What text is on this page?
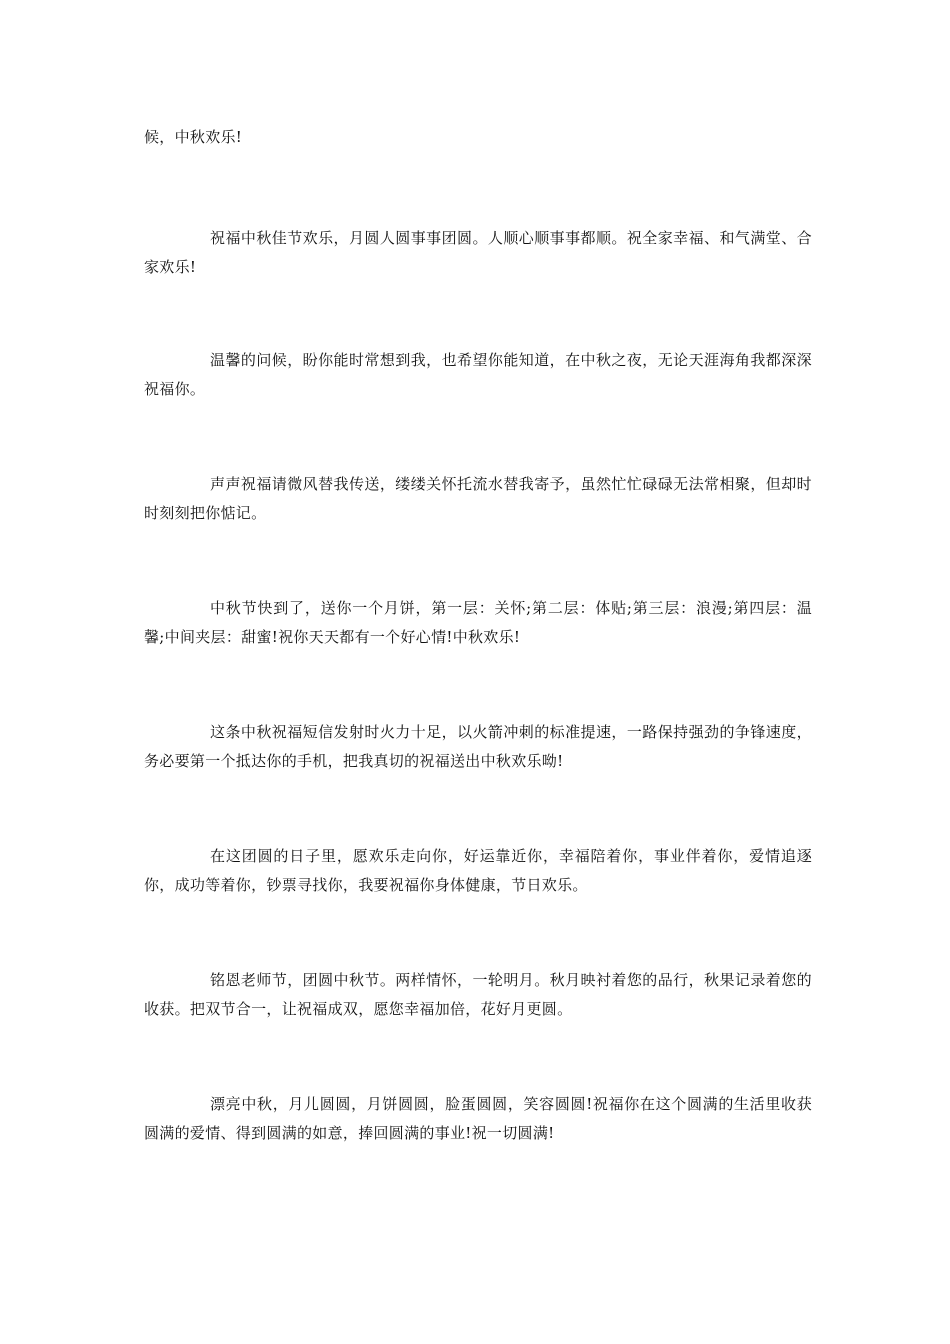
候，中秋欢乐!

祝福中秋佳节欢乐，月圆人圆事事团圆。人顺心顺事事都顺。祝全家幸福、和气满堂、合家欢乐!

温馨的问候，盼你能时常想到我，也希望你能知道，在中秋之夜，无论天涯海角我都深深祝福你。

声声祝福请微风替我传送，缕缕关怀托流水替我寄予，虽然忙忙碌碌无法常相聚，但却时时刻刻把你惦记。

中秋节快到了，送你一个月饼，第一层：关怀;第二层：体贴;第三层：浪漫;第四层：温馨;中间夹层：甜蜜!祝你天天都有一个好心情!中秋欢乐!

这条中秋祝福短信发射时火力十足，以火箭冲刺的标准提速，一路保持强劲的争锋速度，务必要第一个抵达你的手机，把我真切的祝福送出中秋欢乐呦!

在这团圆的日子里，愿欢乐走向你，好运靠近你，幸福陪着你，事业伴着你，爱情追逐你，成功等着你，钞票寻找你，我要祝福你身体健康，节日欢乐。

铭恩老师节，团圆中秋节。两样情怀，一轮明月。秋月映衬着您的品行，秋果记录着您的收获。把双节合一，让祝福成双，愿您幸福加倍，花好月更圆。

漂亮中秋，月儿圆圆，月饼圆圆，脸蛋圆圆，笑容圆圆!祝福你在这个圆满的生活里收获圆满的爱情、得到圆满的如意，捧回圆满的事业!祝一切圆满!
